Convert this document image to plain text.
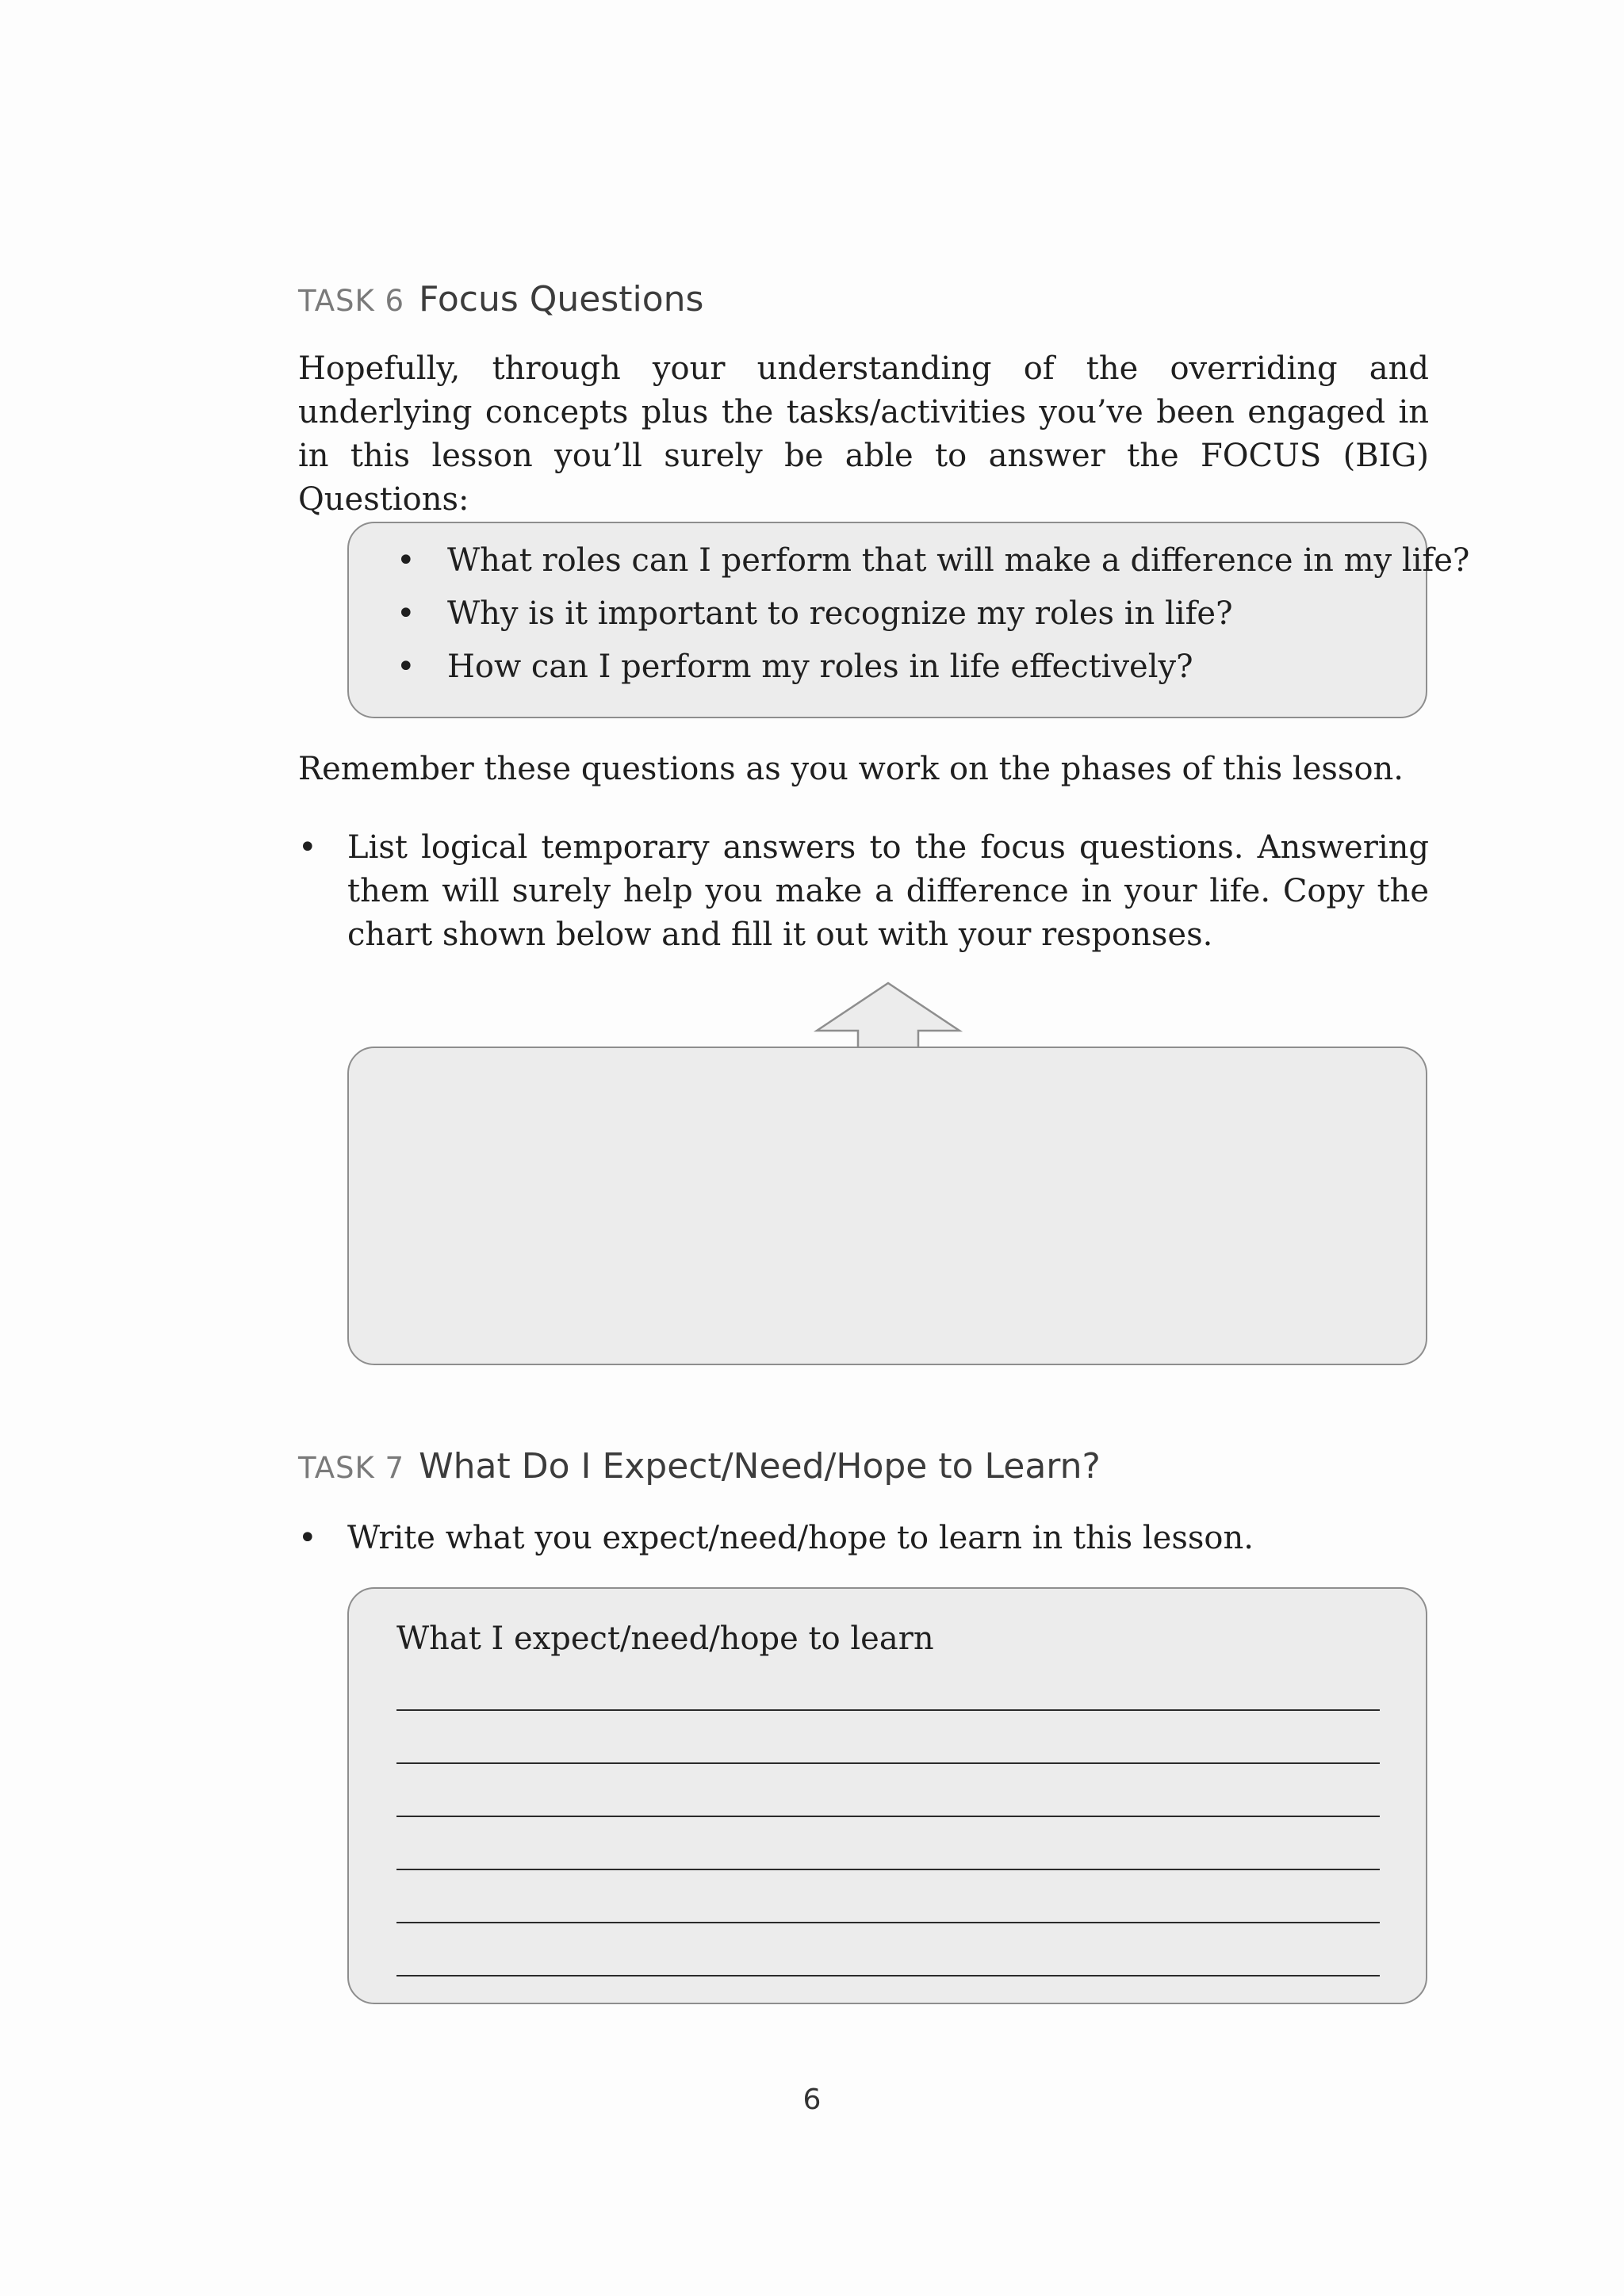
TASK 6 Focus Questions

Hopefully, through your understanding of the overriding and underlying concepts plus the tasks/activities you’ve been engaged in in this lesson you’ll surely be able to answer the FOCUS (BIG) Questions:

• What roles can I perform that will make a difference in my life?
• Why is it important to recognize my roles in life?
• How can I perform my roles in life effectively?

Remember these questions as you work on the phases of this lesson.

• List logical temporary answers to the focus questions. Answering them will surely help you make a difference in your life. Copy the chart shown below and fill it out with your responses.

TASK 7 What Do I Expect/Need/Hope to Learn?
• Write what you expect/need/hope to learn in this lesson.

What I expect/need/hope to learn

6
